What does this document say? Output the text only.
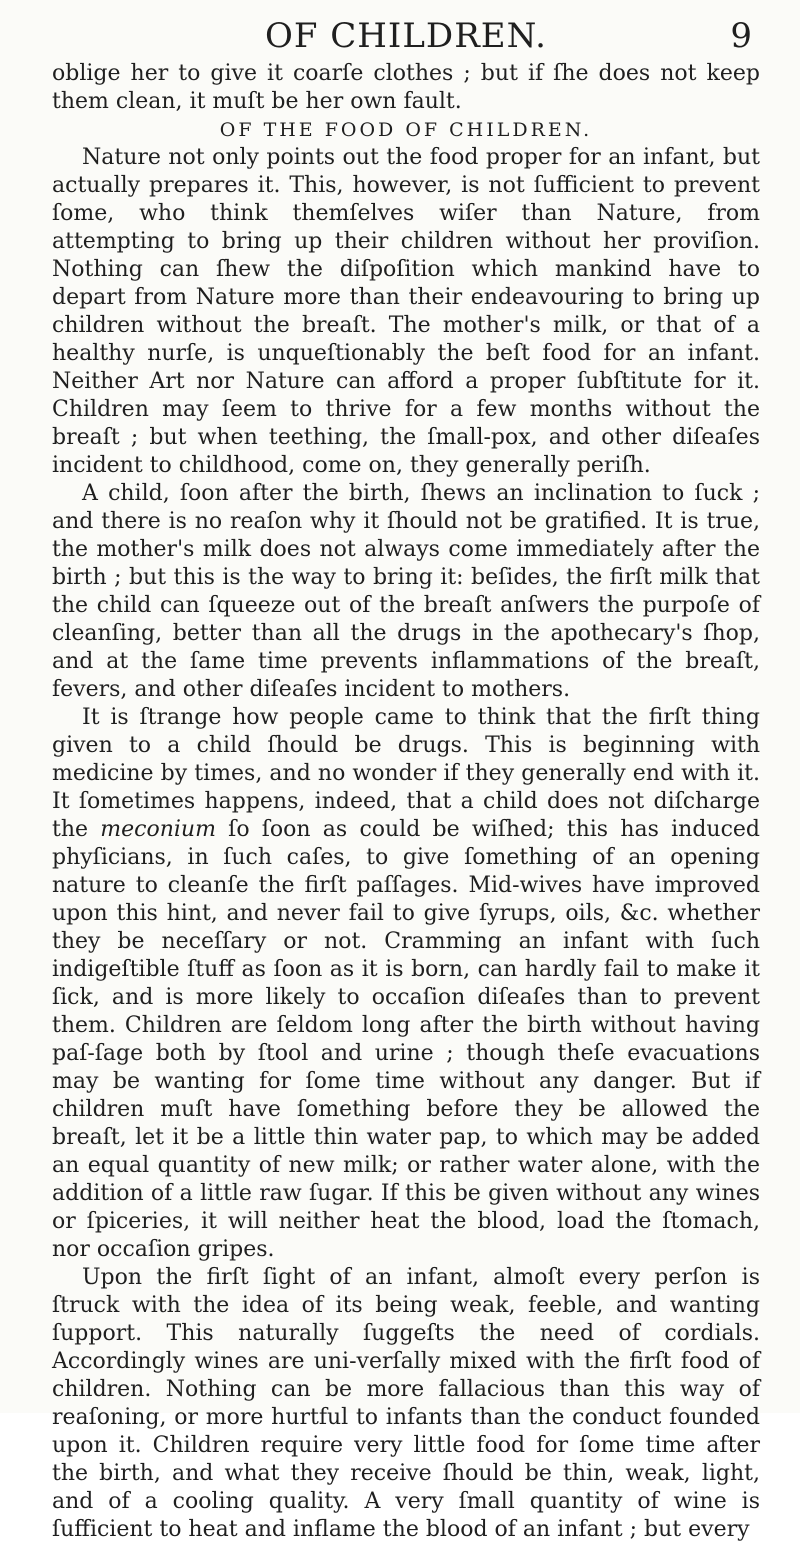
OF CHILDREN.	9

oblige her to give it coarſe clothes ; but if ſhe does not keep them clean, it muſt be her own fault.

OF THE FOOD OF CHILDREN.

Nature not only points out the food proper for an infant, but actually prepares it. This, however, is not ſufficient to prevent ſome, who think themſelves wiſer than Nature, from attempting to bring up their children without her proviſion. Nothing can ſhew the diſpoſition which mankind have to depart from Nature more than their endeavouring to bring up children without the breaſt. The mother's milk, or that of a healthy nurſe, is unqueſtionably the beſt food for an infant. Neither Art nor Nature can afford a proper ſubſtitute for it. Children may ſeem to thrive for a few months without the breaſt ; but when teething, the ſmall-pox, and other diſeaſes incident to childhood, come on, they generally periſh.

A child, ſoon after the birth, ſhews an inclination to ſuck ; and there is no reaſon why it ſhould not be gratified. It is true, the mother's milk does not always come immediately after the birth ; but this is the way to bring it: beſides, the firſt milk that the child can ſqueeze out of the breaſt anſwers the purpoſe of cleanſing, better than all the drugs in the apothecary's ſhop, and at the ſame time prevents inflammations of the breaſt, fevers, and other diſeaſes incident to mothers.

It is ſtrange how people came to think that the firſt thing given to a child ſhould be drugs. This is beginning with medicine by times, and no wonder if they generally end with it. It ſometimes happens, indeed, that a child does not diſcharge the meconium ſo ſoon as could be wiſhed; this has induced phyſicians, in ſuch caſes, to give ſomething of an opening nature to cleanſe the firſt paſſages. Mid-wives have improved upon this hint, and never fail to give ſyrups, oils, &c. whether they be neceſſary or not. Cramming an infant with ſuch indigeſtible ſtuff as ſoon as it is born, can hardly fail to make it ſick, and is more likely to occaſion diſeaſes than to prevent them. Children are ſeldom long after the birth without having paſ-ſage both by ſtool and urine ; though theſe evacuations may be wanting for ſome time without any danger. But if children muſt have ſomething before they be allowed the breaſt, let it be a little thin water pap, to which may be added an equal quantity of new milk; or rather water alone, with the addition of a little raw ſugar. If this be given without any wines or ſpiceries, it will neither heat the blood, load the ſtomach, nor occaſion gripes.

Upon the firſt ſight of an infant, almoſt every perſon is ſtruck with the idea of its being weak, feeble, and wanting ſupport. This naturally ſuggeſts the need of cordials. Accordingly wines are uni-verſally mixed with the firſt food of children. Nothing can be more fallacious than this way of reaſoning, or more hurtful to infants than the conduct founded upon it. Children require very little food for ſome time after the birth, and what they receive ſhould be thin, weak, light, and of a cooling quality. A very ſmall quantity of wine is ſufficient to heat and inflame the blood of an infant ; but every
